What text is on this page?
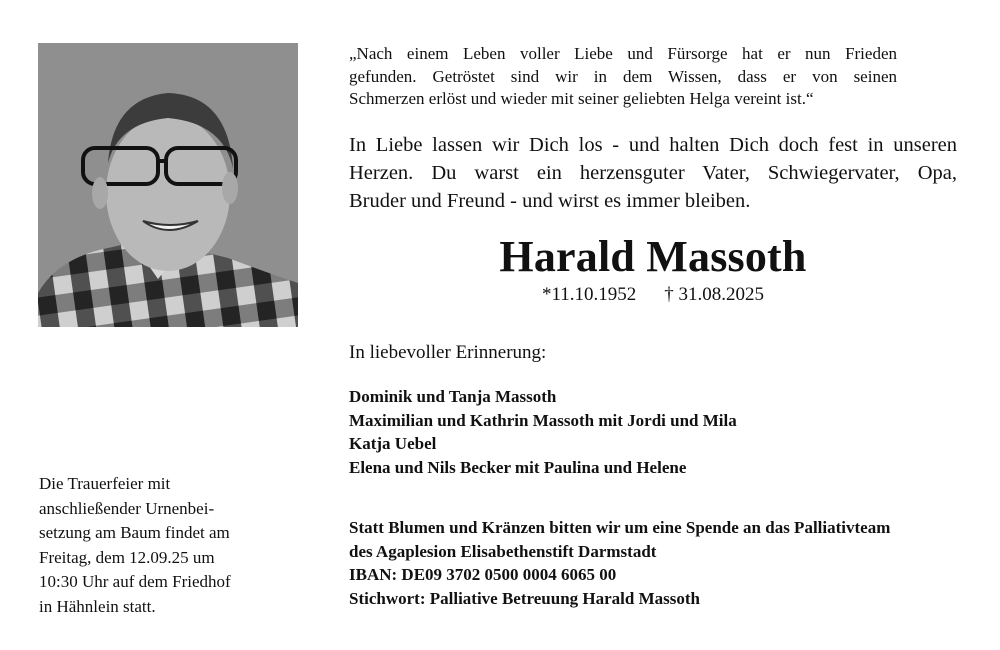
„Nach einem Leben voller Liebe und Fürsorge hat er nun Frieden
gefunden. Getröstet sind wir in dem Wissen, dass er von seinen
Schmerzen erlöst und wieder mit seiner geliebten Helga vereint ist.“
In Liebe lassen wir Dich los - und halten Dich doch fest in unseren
Herzen. Du warst ein herzensguter Vater, Schwiegervater, Opa,
Bruder und Freund - und wirst es immer bleiben.
Harald Massoth
*11.10.1952 † 31.08.2025
In liebevoller Erinnerung:
Dominik und Tanja Massoth
Maximilian und Kathrin Massoth mit Jordi und Mila
Katja Uebel
Elena und Nils Becker mit Paulina und Helene
Statt Blumen und Kränzen bitten wir um eine Spende an das Palliativteam
des Agaplesion Elisabethenstift Darmstadt
IBAN: DE09 3702 0500 0004 6065 00
Stichwort: Palliative Betreuung Harald Massoth
Die Trauerfeier mit
anschließender Urnenbei-
setzung am Baum findet am
Freitag, dem 12.09.25 um
10:30 Uhr auf dem Friedhof
in Hähnlein statt.
